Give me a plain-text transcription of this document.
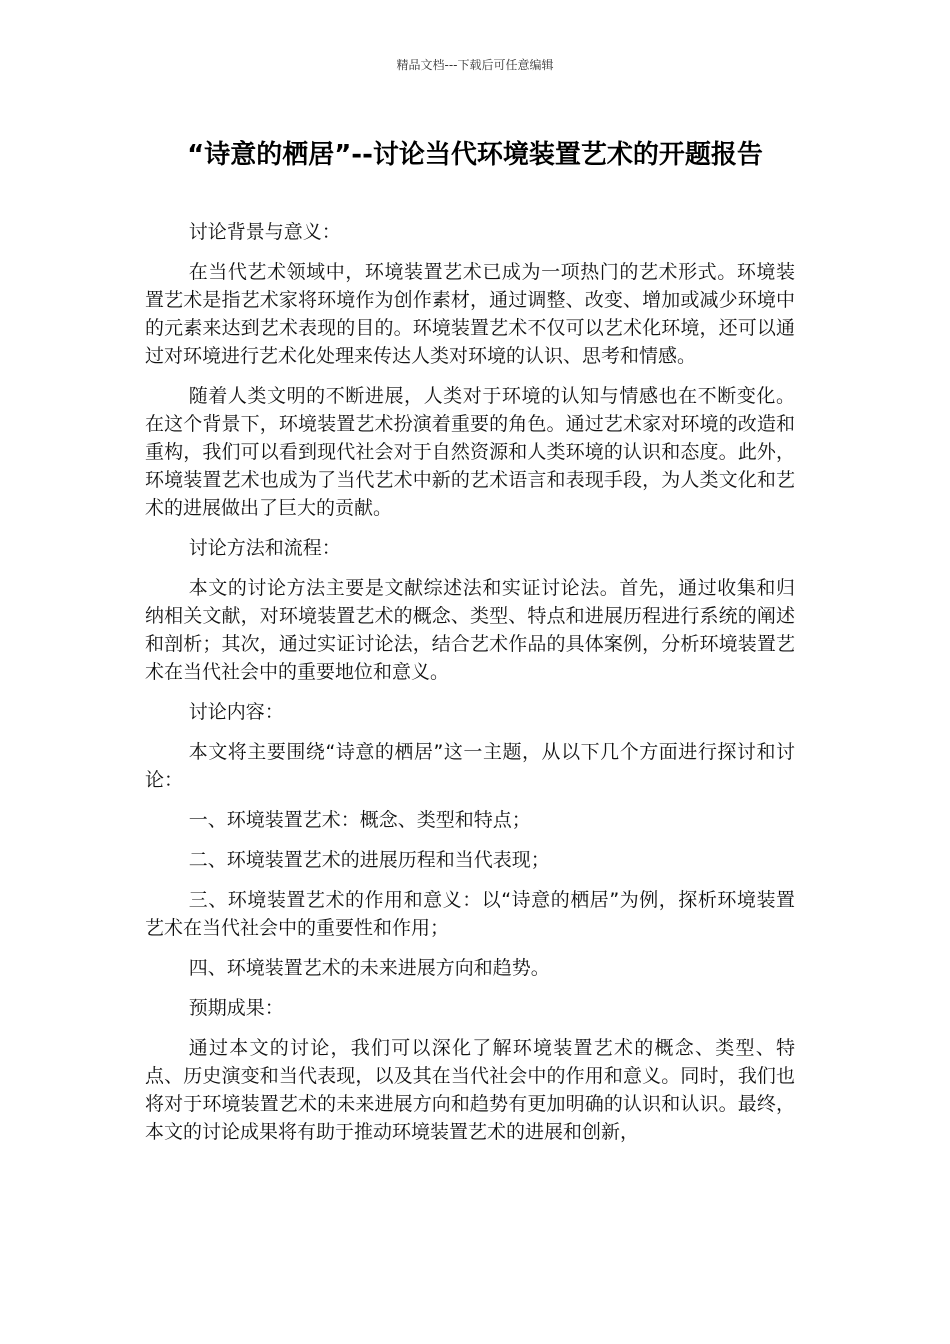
精品文档---下载后可任意编辑
“诗意的栖居”--讨论当代环境装置艺术的开题报告

讨论背景与意义：

在当代艺术领域中，环境装置艺术已成为一项热门的艺术形式。环境装置艺术是指艺术家将环境作为创作素材，通过调整、改变、增加或减少环境中的元素来达到艺术表现的目的。环境装置艺术不仅可以艺术化环境，还可以通过对环境进行艺术化处理来传达人类对环境的认识、思考和情感。

随着人类文明的不断进展，人类对于环境的认知与情感也在不断变化。在这个背景下，环境装置艺术扮演着重要的角色。通过艺术家对环境的改造和重构，我们可以看到现代社会对于自然资源和人类环境的认识和态度。此外，环境装置艺术也成为了当代艺术中新的艺术语言和表现手段，为人类文化和艺术的进展做出了巨大的贡献。

讨论方法和流程：

本文的讨论方法主要是文献综述法和实证讨论法。首先，通过收集和归纳相关文献，对环境装置艺术的概念、类型、特点和进展历程进行系统的阐述和剖析；其次，通过实证讨论法，结合艺术作品的具体案例，分析环境装置艺术在当代社会中的重要地位和意义。

讨论内容：

本文将主要围绕“诗意的栖居”这一主题，从以下几个方面进行探讨和讨论：

一、环境装置艺术：概念、类型和特点；

二、环境装置艺术的进展历程和当代表现；

三、环境装置艺术的作用和意义：以“诗意的栖居”为例，探析环境装置艺术在当代社会中的重要性和作用；

四、环境装置艺术的未来进展方向和趋势。

预期成果：

通过本文的讨论，我们可以深化了解环境装置艺术的概念、类型、特点、历史演变和当代表现，以及其在当代社会中的作用和意义。同时，我们也将对于环境装置艺术的未来进展方向和趋势有更加明确的认识和认识。最终，本文的讨论成果将有助于推动环境装置艺术的进展和创新，
